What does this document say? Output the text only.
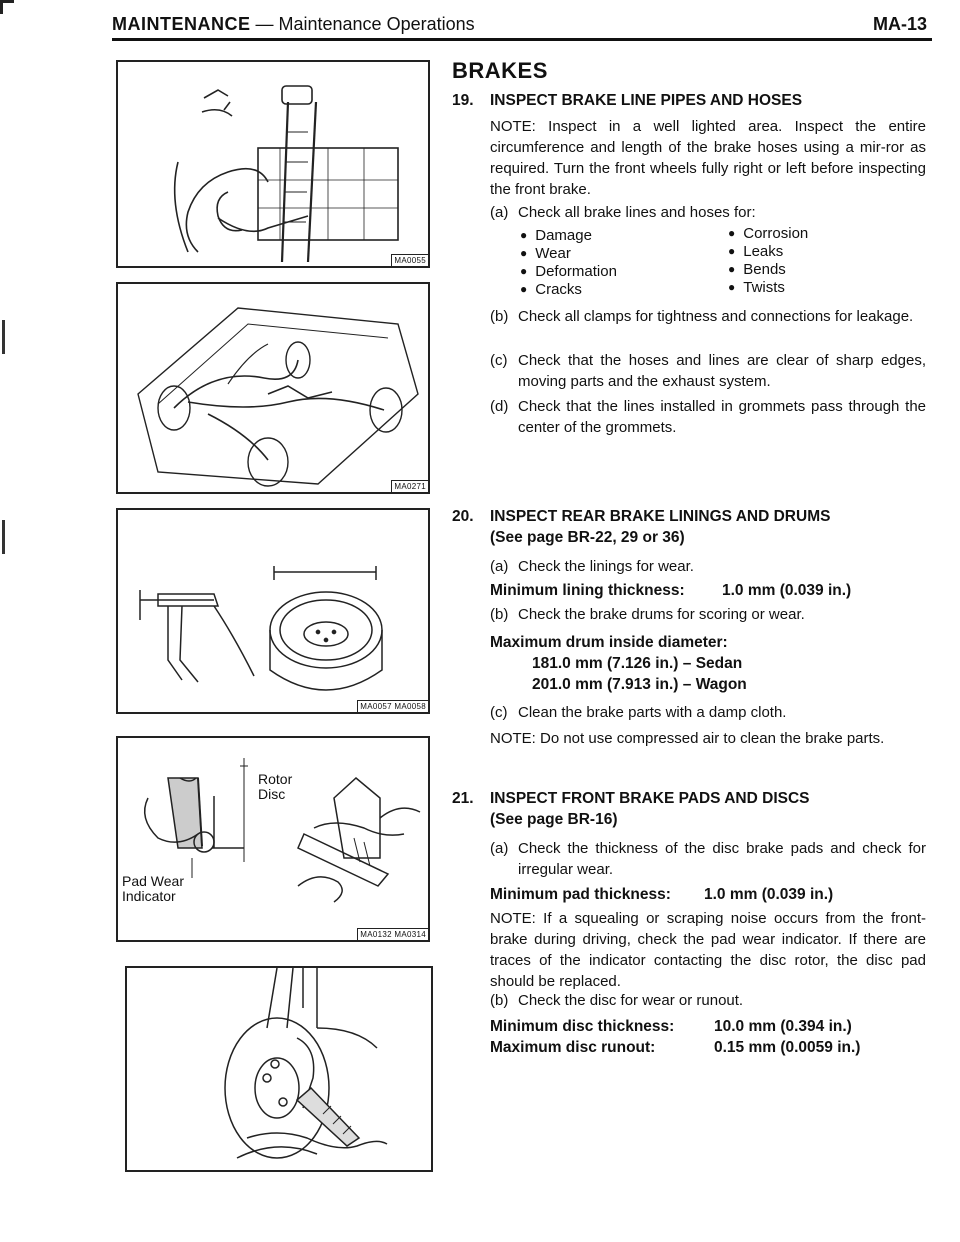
MAINTENANCE — Maintenance Operations	MA-13
MA0055
MA0271
MA0057 MA0058
Rotor
Disc
Pad Wear
Indicator
MA0132 MA0314
BRAKES
19. INSPECT BRAKE LINE PIPES AND HOSES
NOTE: Inspect in a well lighted area. Inspect the entire circumference and length of the brake hoses using a mir-ror as required. Turn the front wheels fully right or left before inspecting the front brake.
(a) Check all brake lines and hoses for:
● Damage
● Wear
● Deformation
● Cracks
● Corrosion
● Leaks
● Bends
● Twists
(b) Check all clamps for tightness and connections for leakage.
(c) Check that the hoses and lines are clear of sharp edges, moving parts and the exhaust system.
(d) Check that the lines installed in grommets pass through the center of the grommets.
20. INSPECT REAR BRAKE LININGS AND DRUMS
(See page BR-22, 29 or 36)
(a) Check the linings for wear.
Minimum lining thickness: 1.0 mm (0.039 in.)
(b) Check the brake drums for scoring or wear.
Maximum drum inside diameter:
181.0 mm (7.126 in.) – Sedan
201.0 mm (7.913 in.) – Wagon
(c) Clean the brake parts with a damp cloth.
NOTE: Do not use compressed air to clean the brake parts.
21. INSPECT FRONT BRAKE PADS AND DISCS
(See page BR-16)
(a) Check the thickness of the disc brake pads and check for irregular wear.
Minimum pad thickness: 1.0 mm (0.039 in.)
NOTE: If a squealing or scraping noise occurs from the front-brake during driving, check the pad wear indicator. If there are traces of the indicator contacting the disc rotor, the disc pad should be replaced.
(b) Check the disc for wear or runout.
Minimum disc thickness:	10.0 mm (0.394 in.)
Maximum disc runout:	0.15 mm (0.0059 in.)
